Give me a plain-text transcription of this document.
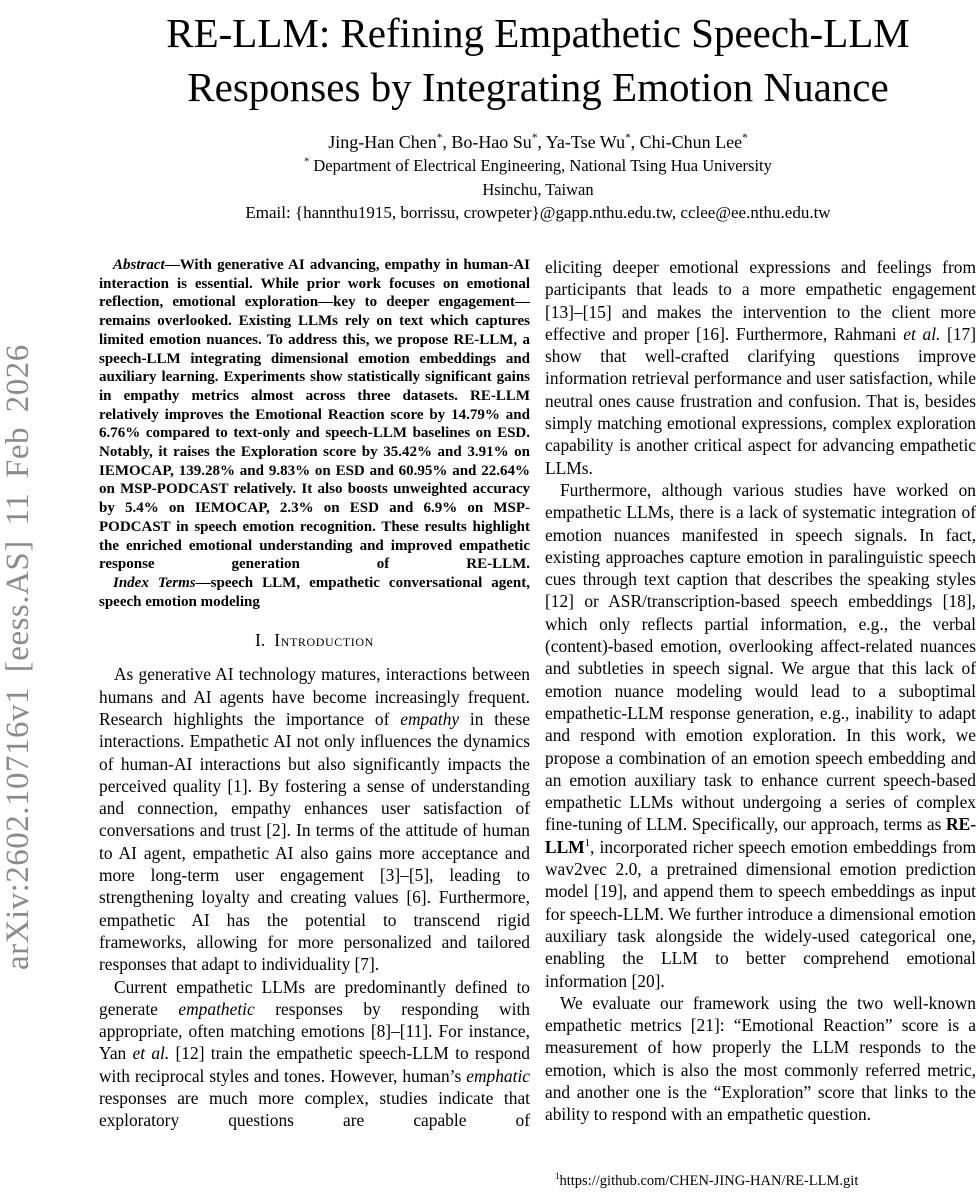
arXiv:2602.10716v1 [eess.AS] 11 Feb 2026
RE-LLM: Refining Empathetic Speech-LLM
Responses by Integrating Emotion Nuance
Jing-Han Chen*, Bo-Hao Su*, Ya-Tse Wu*, Chi-Chun Lee*
* Department of Electrical Engineering, National Tsing Hua University
Hsinchu, Taiwan
Email: {hannthu1915, borrissu, crowpeter}@gapp.nthu.edu.tw, cclee@ee.nthu.edu.tw

Abstract—With generative AI advancing, empathy in human-AI interaction is essential. While prior work focuses on emotional reflection, emotional exploration—key to deeper engagement—remains overlooked. Existing LLMs rely on text which captures limited emotion nuances. To address this, we propose RE-LLM, a speech-LLM integrating dimensional emotion embeddings and auxiliary learning. Experiments show statistically significant gains in empathy metrics almost across three datasets. RE-LLM relatively improves the Emotional Reaction score by 14.79% and 6.76% compared to text-only and speech-LLM baselines on ESD. Notably, it raises the Exploration score by 35.42% and 3.91% on IEMOCAP, 139.28% and 9.83% on ESD and 60.95% and 22.64% on MSP-PODCAST relatively. It also boosts unweighted accuracy by 5.4% on IEMOCAP, 2.3% on ESD and 6.9% on MSP-PODCAST in speech emotion recognition. These results highlight the enriched emotional understanding and improved empathetic response generation of RE-LLM.

Index Terms—speech LLM, empathetic conversational agent, speech emotion modeling

I. Introduction

As generative AI technology matures, interactions between humans and AI agents have become increasingly frequent. Research highlights the importance of empathy in these interactions. Empathetic AI not only influences the dynamics of human-AI interactions but also significantly impacts the perceived quality [1]. By fostering a sense of understanding and connection, empathy enhances user satisfaction of conversations and trust [2]. In terms of the attitude of human to AI agent, empathetic AI also gains more acceptance and more long-term user engagement [3]–[5], leading to strengthening loyalty and creating values [6]. Furthermore, empathetic AI has the potential to transcend rigid frameworks, allowing for more personalized and tailored responses that adapt to individuality [7].

Current empathetic LLMs are predominantly defined to generate empathetic responses by responding with appropriate, often matching emotions [8]–[11]. For instance, Yan et al. [12] train the empathetic speech-LLM to respond with reciprocal styles and tones. However, human’s emphatic responses are much more complex, studies indicate that exploratory questions are capable of

eliciting deeper emotional expressions and feelings from participants that leads to a more empathetic engagement [13]–[15] and makes the intervention to the client more effective and proper [16]. Furthermore, Rahmani et al. [17] show that well-crafted clarifying questions improve information retrieval performance and user satisfaction, while neutral ones cause frustration and confusion. That is, besides simply matching emotional expressions, complex exploration capability is another critical aspect for advancing empathetic LLMs.

Furthermore, although various studies have worked on empathetic LLMs, there is a lack of systematic integration of emotion nuances manifested in speech signals. In fact, existing approaches capture emotion in paralinguistic speech cues through text caption that describes the speaking styles [12] or ASR/transcription-based speech embeddings [18], which only reflects partial information, e.g., the verbal (content)-based emotion, overlooking affect-related nuances and subtleties in speech signal. We argue that this lack of emotion nuance modeling would lead to a suboptimal empathetic-LLM response generation, e.g., inability to adapt and respond with emotion exploration. In this work, we propose a combination of an emotion speech embedding and an emotion auxiliary task to enhance current speech-based empathetic LLMs without undergoing a series of complex fine-tuning of LLM. Specifically, our approach, terms as RE-LLM$^1$, incorporated richer speech emotion embeddings from wav2vec 2.0, a pretrained dimensional emotion prediction model [19], and append them to speech embeddings as input for speech-LLM. We further introduce a dimensional emotion auxiliary task alongside the widely-used categorical one, enabling the LLM to better comprehend emotional information [20].

We evaluate our framework using the two well-known empathetic metrics [21]: “Emotional Reaction” score is a measurement of how properly the LLM responds to the emotion, which is also the most commonly referred metric, and another one is the “Exploration” score that links to the ability to respond with an empathetic question.

$^1$https://github.com/CHEN-JING-HAN/RE-LLM.git
